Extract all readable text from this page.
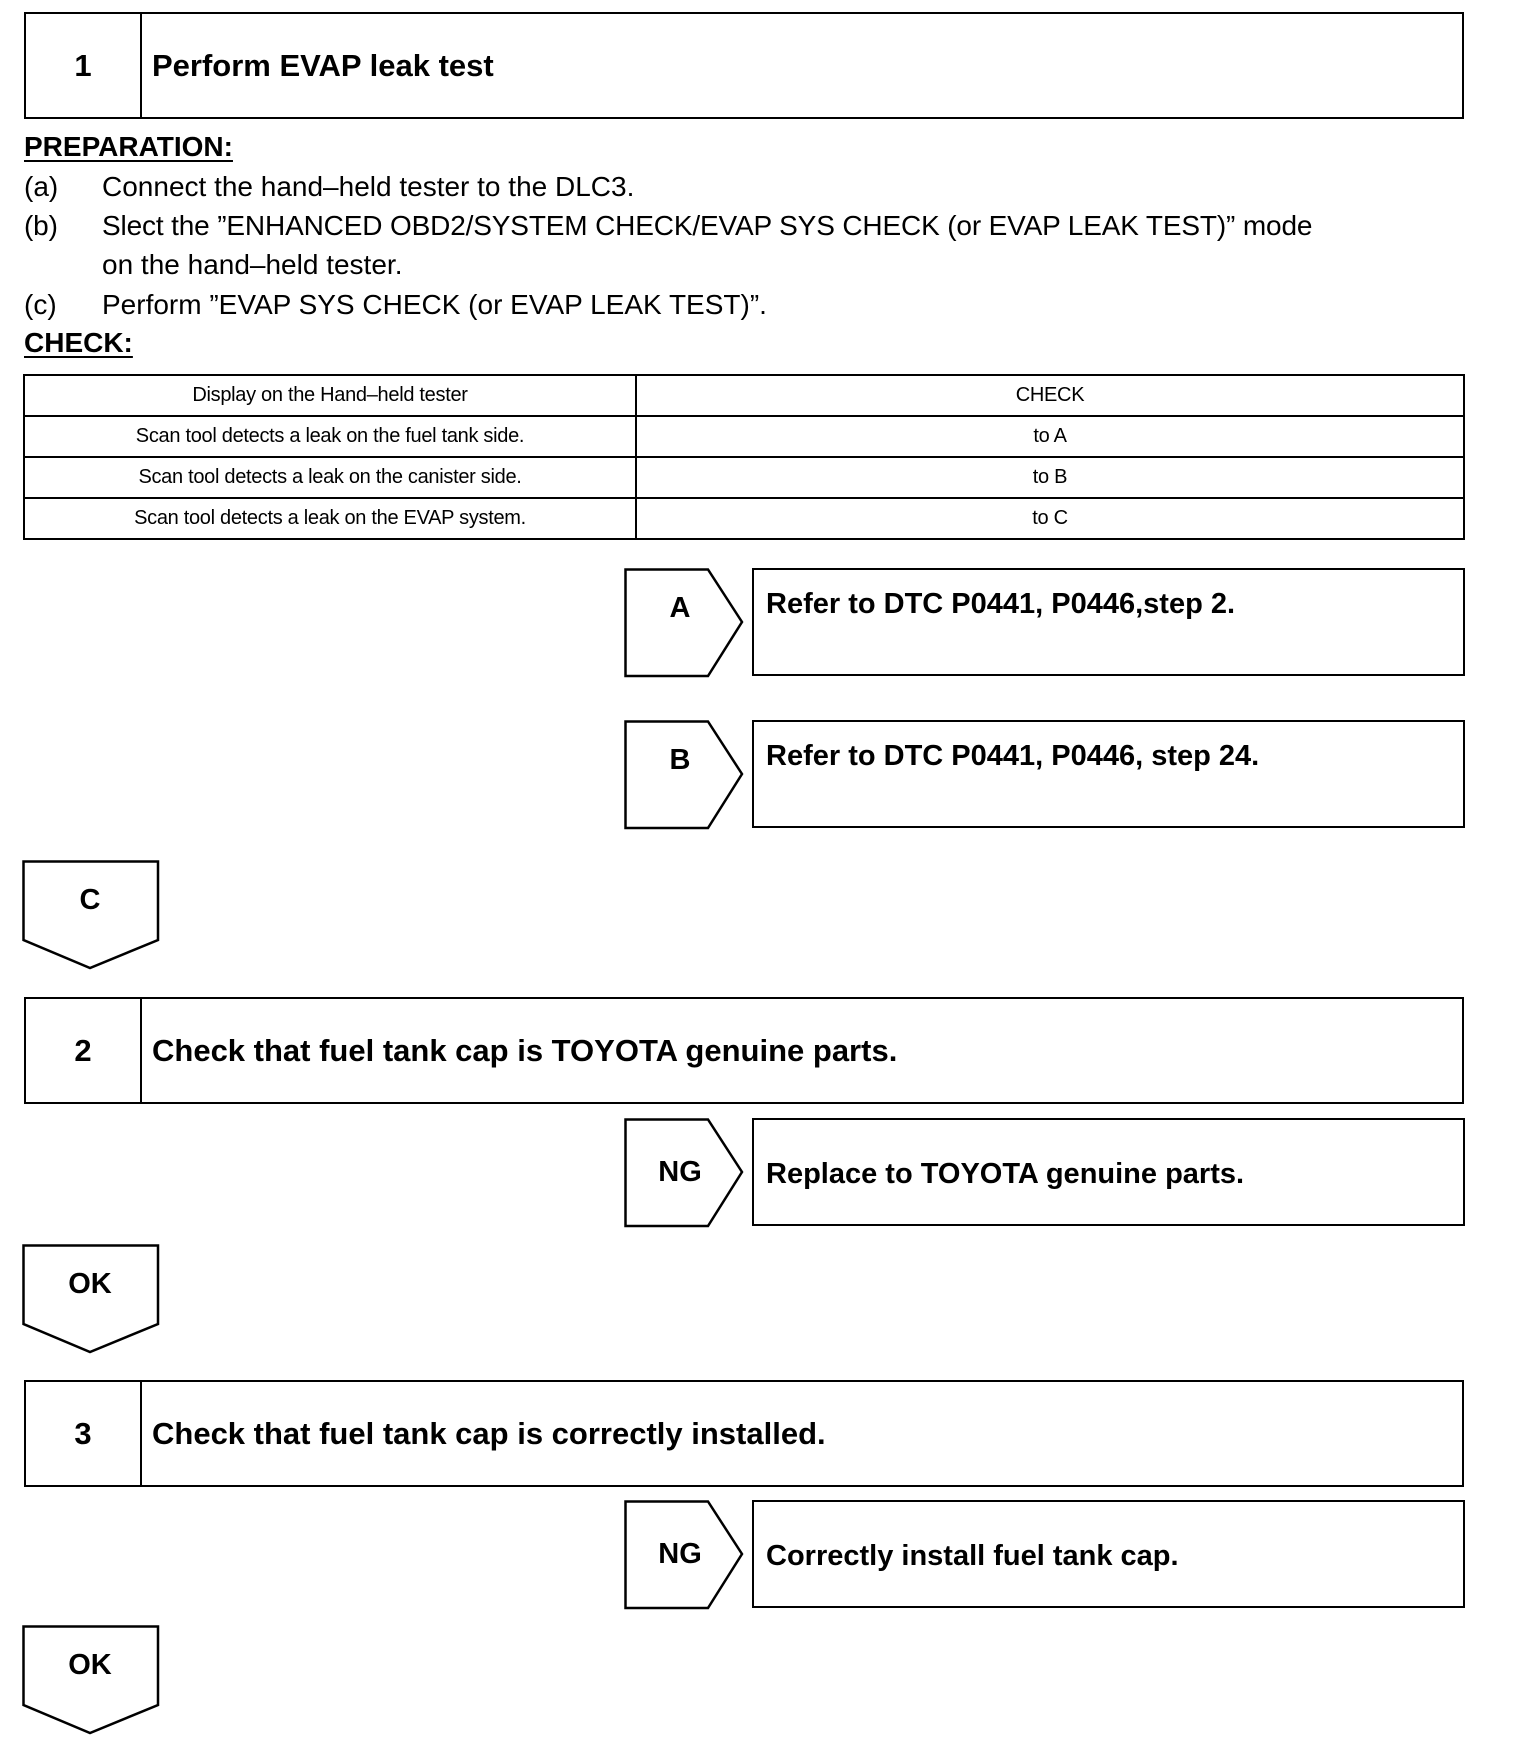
1	Perform EVAP leak test
PREPARATION:
(a) Connect the hand–held tester to the DLC3.
(b) Slect the ”ENHANCED OBD2/SYSTEM CHECK/EVAP SYS CHECK (or EVAP LEAK TEST)” mode
on the hand–held tester.
(c) Perform ”EVAP SYS CHECK (or EVAP LEAK TEST)”.
CHECK:
Display on the Hand–held tester	CHECK
Scan tool detects a leak on the fuel tank side.	to A
Scan tool detects a leak on the canister side.	to B
Scan tool detects a leak on the EVAP system.	to C
A	Refer to DTC P0441, P0446,step 2.
B	Refer to DTC P0441, P0446, step 24.
C
2	Check that fuel tank cap is TOYOTA genuine parts.
NG	Replace to TOYOTA genuine parts.
OK
3	Check that fuel tank cap is correctly installed.
NG	Correctly install fuel tank cap.
OK
